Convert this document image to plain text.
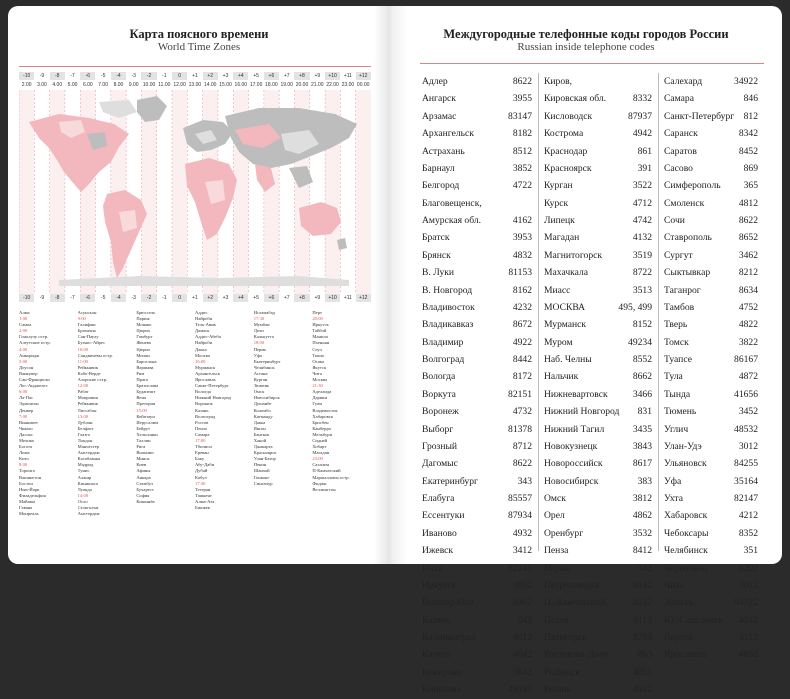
Карта поясного времени
World Time Zones
-10	-9	-8	-7	-6	-5	-4	-3	-2	-1	0	+1	+2	+3	+4	+5	+6	+7	+8	+9	+10	+11	+12
2.00	3.00	4.00	5.00	6.00	7.00	8.00	9.00 10.00 11.00 12.00 13.00 14.00 15.00 16.00 17.00 18.00 19.00 20.00 21.00 22.00 23.00 00.00
-10	-9	-8	-7	-6	-5	-4	-3	-2	-1	0	+1	+2	+3	+4	+5	+6	+7	+8	+9	+10	+11	+12
Алма
1:00
Самоа
2:00
Гонолулу остр.
Алеутские остр.
4:00
Анкоридж
5:00
Доусон
Ванкувер
Сан-Франциско
Лос-Анджелес
6:00
Ла-Пас
Эдмонтон
Денвер
7:00
Виннипег
Чикаго
Даллас
Мехико
Богота
Лима
Кито
8:00
Торонто
Вашингтон
Бостон
Нью-Йорк
Филадельфия
Майами
Гавана
Монреаль
Асунсьон
9:00
Галифакс
Бразилиа
Сан-Паулу
Буэнос-Айрес
10:00
Сандвичевы остр.
11:00
Рейкьявик
Кабо-Верде
Азорские остр.
12:00
Рабат
Монровия
Рейкьявик
Лиссабон
13:00
Дублин
Белфаст
Глазго
Лондон
Манчестер
Амстердам
Касабланка
Мадрид
Тунис
Алжир
Кинишаса
Луанда
14:00
Осло
Стокгольм
Амстердам
Брюссель
Париж
Монако
Цюрих
Гамбург
Женева
Цюрих
Милан
Барселона
Варшава
Рим
Прага
Братислава
Будапешт
Вена
Претория
15:00
Кейптаун
Иерусалим
Бейрут
Хельсинки
Таллин
Рига
Вильнюс
Минск
Киев
Афины
Анкара
Стамбул
Бухарест
София
Кишинёв
Аддис
Найроби
Тель-Авив
Дамаск
Аддис-Абеба
Найроби
Дакка
Москва
16:00
Мурманск
Архангельск
Ярославль
Санкт-Петербург
Вологда
Нижний Новгород
Воронеж
Казань
Волгоград
Ростов
Пенза
Самара
17:00
Тбилиси
Ереван
Баку
Абу-Даби
Дубай
Кабул
17:30
Тегеран
Ташкент
Алма-Ата
Бишкек
Исламабад
17:30
Мумбаи
Дели
Калькутта
18:00
Пермь
Уфа
Екатеринбург
Челябинск
Астана
Курган
Тюмень
Омск
Новосибирск
Душанбе
Коломбо
Катманду
Дакка
Янгон
Бангкок
Ханой
Джакарта
Красноярск
Улан-Батор
Пекин
Шанхай
Гонконг
Сингапур
Перт
20:00
Иркутск
Тайбэй
Манила
Пхеньян
Сеул
Токио
Осака
Якутск
Чита
Москва
21:30
Аделаида
Дарвин
Гуам
Владивосток
Хабаровск
Брисбен
Канберра
Мельбурн
Сидней
Хобарт
Магадан
23:00
Сахалин
П-Камчатский
Маршалловы остр.
Фиджи
Веллингтон
Междугородные телефонные коды городов России
Russian inside telephone codes
Адлер	8622
Ангарск	3955
Арзамас	83147
Архангельск	8182
Астрахань	8512
Барнаул	3852
Белгород	4722
Благовещенск,
Амурская обл.	4162
Братск	3953
Брянск	4832
В. Луки	81153
В. Новгород	8162
Владивосток	4232
Владикавказ	8672
Владимир	4922
Волгоград	8442
Вологда	8172
Воркута	82151
Воронеж	4732
Выборг	81378
Грозный	8712
Дагомыс	8622
Екатеринбург	343
Елабуга	85557
Ессентуки	87934
Иваново	4932
Ижевск	3412
Инта	82145
Иркутск	3952
Йошкар-Ола	8362
Казань	843
Калининград	4012
Калуга	4842
Кемерово	3842
Кинешма	49331
Киров,
Кировская обл.	8332
Кисловодск	87937
Кострома	4942
Краснодар	861
Красноярск	391
Курган	3522
Курск	4712
Липецк	4742
Магадан	4132
Магнитогорск	3519
Махачкала	8722
Миасс	3513
МОСКВА	495, 499
Мурманск	8152
Муром	49234
Наб. Челны	8552
Нальчик	8662
Нижневартовск	3466
Нижний Новгород 831
Нижний Тагил	3435
Новокузнецк	3843
Новороссийск	8617
Новосибирск	383
Омск	3812
Орел	4862
Оренбург	3532
Пенза	8412
Пермь	342
Петрозаводск	8142
П.-Камчатский	4152
Псков	8112
Пятигорск	8793
Ростов-на-Дону	863
Рыбинск	4855
Рязань	4912
Салехард	34922
Самара	846
Санкт-Петербург 812
Саранск	8342
Саратов	8452
Сасово	869
Симферополь 365
Смоленск	4812
Сочи	8622
Ставрополь	8652
Сургут	3462
Сыктывкар	8212
Таганрог	8634
Тамбов	4752
Тверь	4822
Томск	3822
Туапсе	86167
Тула	4872
Тында	41656
Тюмень	3452
Углич	48532
Улан-Удэ	3012
Ульяновск	84255
Уфа	35164
Ухта	82147
Хабаровск	4212
Чебоксары	8352
Челябинск	351
Череповец	8202
Чита	3022
Элиста	84722
Ю.-Сахалинск 4242
Якутск	4112
Ярославль	4852
